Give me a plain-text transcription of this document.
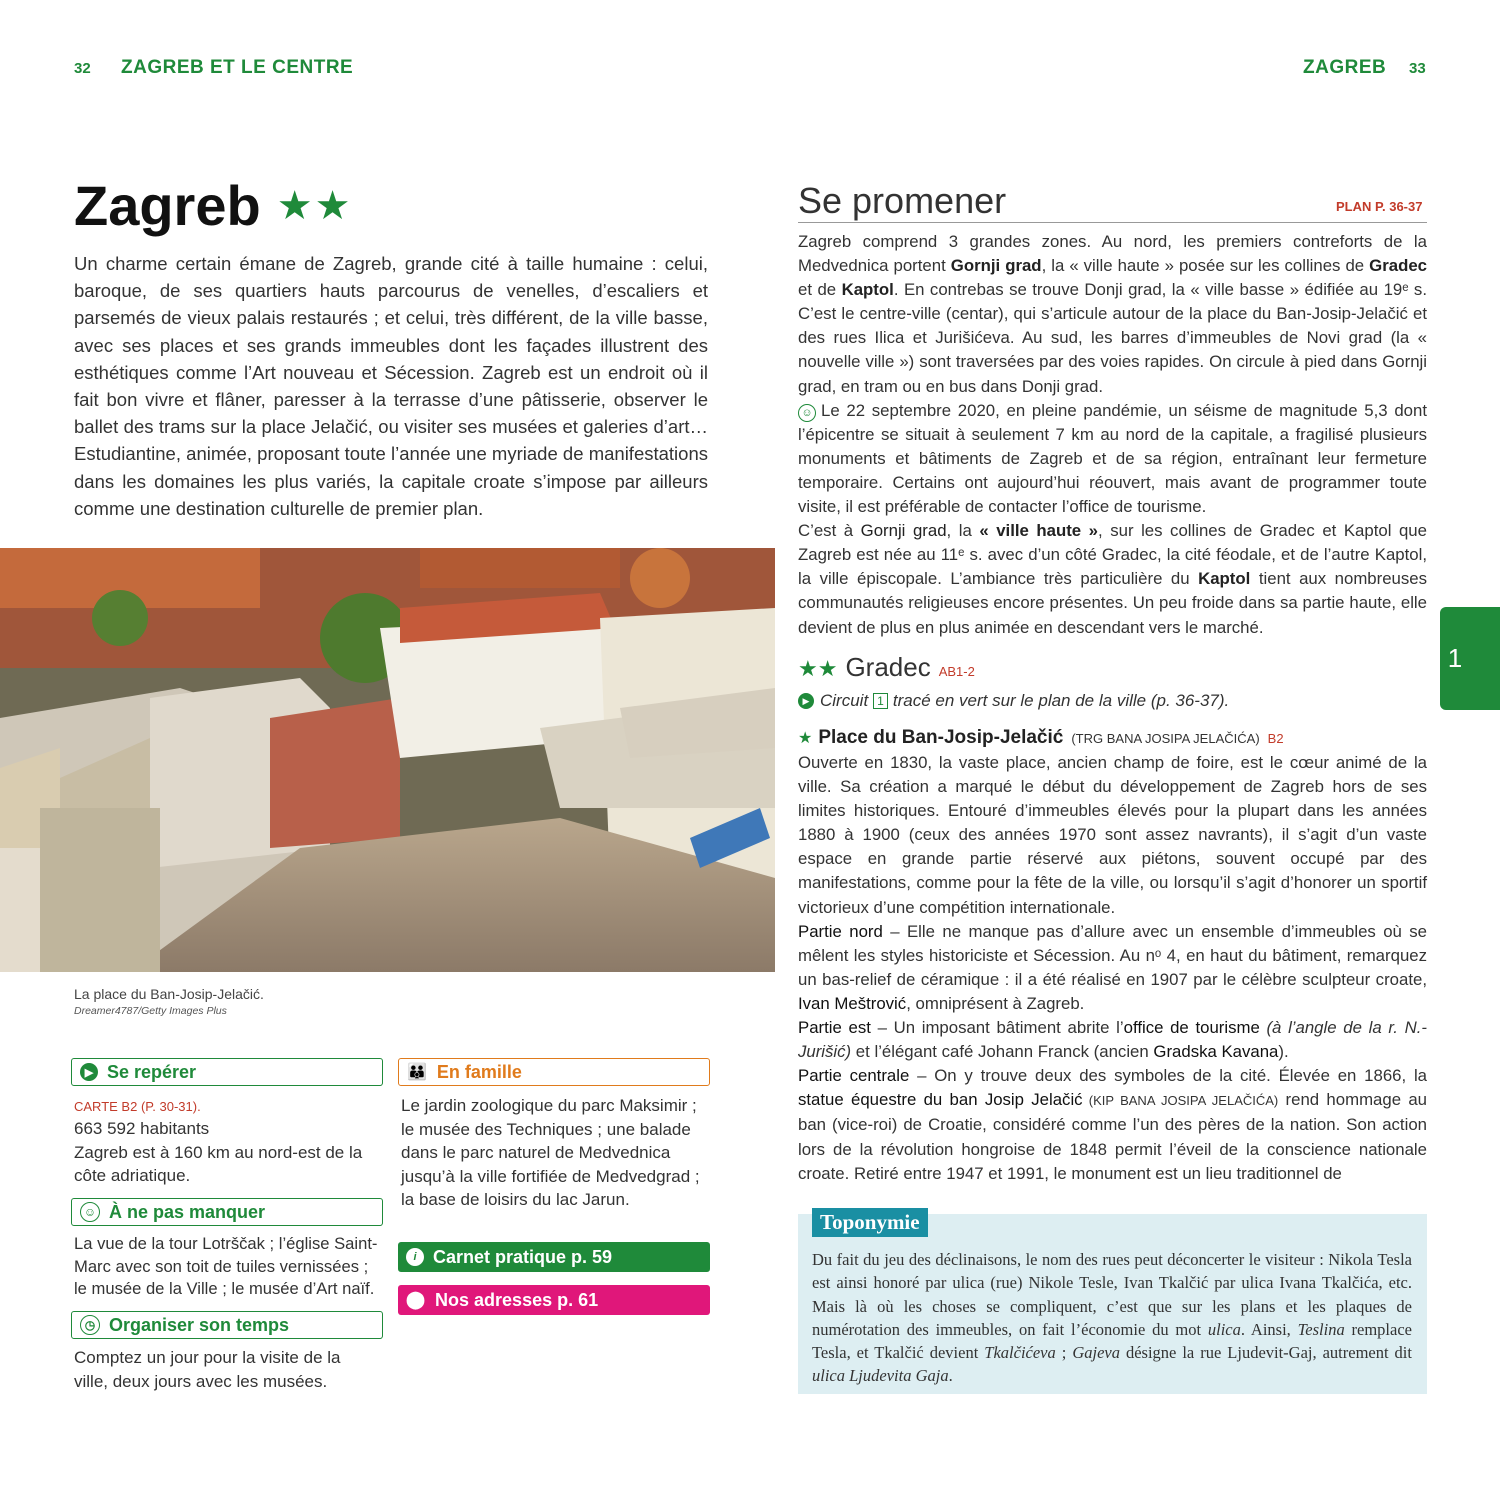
32 ZAGREB ET LE CENTRE
Zagreb ★★
Un charme certain émane de Zagreb, grande cité à taille humaine : celui, baroque, de ses quartiers hauts parcourus de venelles, d’escaliers et parsemés de vieux palais restaurés ; et celui, très différent, de la ville basse, avec ses places et ses grands immeubles dont les façades illustrent des esthétiques comme l’Art nouveau et Sécession. Zagreb est un endroit où il fait bon vivre et flâner, paresser à la terrasse d’une pâtisserie, observer le ballet des trams sur la place Jelačić, ou visiter ses musées et galeries d’art… Estudiantine, animée, proposant toute l’année une myriade de manifestations dans les domaines les plus variés, la capitale croate s’impose par ailleurs comme une destination culturelle de premier plan.
La place du Ban-Josip-Jelačić.
Dreamer4787/Getty Images Plus
▶ Se repérer
CARTE B2 (P. 30-31).
663 592 habitants
Zagreb est à 160 km au nord-est de la côte adriatique.
☺ À ne pas manquer
La vue de la tour Lotrščak ; l’église Saint-Marc avec son toit de tuiles vernissées ; le musée de la Ville ; le musée d’Art naïf.
◷ Organiser son temps
Comptez un jour pour la visite de la ville, deux jours avec les musées.
👪 En famille
Le jardin zoologique du parc Maksimir ; le musée des Techniques ; une balade dans le parc naturel de Medvednica jusqu’à la ville fortifiée de Medvedgrad ; la base de loisirs du lac Jarun.
i Carnet pratique p. 59
⬤ Nos adresses p. 61
ZAGREB 33
Se promener	PLAN P. 36-37

Zagreb comprend 3 grandes zones. Au nord, les premiers contreforts de la Medvednica portent Gornji grad, la « ville haute » posée sur les collines de Gradec et de Kaptol. En contrebas se trouve Donji grad, la « ville basse » édifiée au 19ᵉ s. C’est le centre-ville (centar), qui s’articule autour de la place du Ban-Josip-Jelačić et des rues Ilica et Jurišićeva. Au sud, les barres d’immeubles de Novi grad (la « nouvelle ville ») sont traversées par des voies rapides. On circule à pied dans Gornji grad, en tram ou en bus dans Donji grad.

☺ Le 22 septembre 2020, en pleine pandémie, un séisme de magnitude 5,3 dont l’épicentre se situait à seulement 7 km au nord de la capitale, a fragilisé plusieurs monuments et bâtiments de Zagreb et de sa région, entraînant leur fermeture temporaire. Certains ont aujourd’hui réouvert, mais avant de programmer toute visite, il est préférable de contacter l’office de tourisme.

C’est à Gornji grad, la « ville haute », sur les collines de Gradec et Kaptol que Zagreb est née au 11ᵉ s. avec d’un côté Gradec, la cité féodale, et de l’autre Kaptol, la ville épiscopale. L’ambiance très particulière du Kaptol tient aux nombreuses communautés religieuses encore présentes. Un peu froide dans sa partie haute, elle devient de plus en plus animée en descendant vers le marché.

★★ Gradec AB1-2
▶ Circuit 1 tracé en vert sur le plan de la ville (p. 36-37).
★ Place du Ban-Josip-Jelačić (TRG BANA JOSIPA JELAČIĆA) B2

Ouverte en 1830, la vaste place, ancien champ de foire, est le cœur animé de la ville. Sa création a marqué le début du développement de Zagreb hors de ses limites historiques. Entouré d’immeubles élevés pour la plupart dans les années 1880 à 1900 (ceux des années 1970 sont assez navrants), il s’agit d’un vaste espace en grande partie réservé aux piétons, souvent occupé par des manifestations, comme pour la fête de la ville, ou lorsqu’il s’agit d’honorer un sportif victorieux d’une compétition internationale.

Partie nord – Elle ne manque pas d’allure avec un ensemble d’immeubles où se mêlent les styles historiciste et Sécession. Au nᵒ 4, en haut du bâtiment, remarquez un bas-relief de céramique : il a été réalisé en 1907 par le célèbre sculpteur croate, Ivan Meštrović, omniprésent à Zagreb.

Partie est – Un imposant bâtiment abrite l’office de tourisme (à l’angle de la r. N.-Jurišić) et l’élégant café Johann Franck (ancien Gradska Kavana).

Partie centrale – On y trouve deux des symboles de la cité. Élevée en 1866, la statue équestre du ban Josip Jelačić (KIP BANA JOSIPA JELAČIĆA) rend hommage au ban (vice-roi) de Croatie, considéré comme l’un des pères de la nation. Son action lors de la révolution hongroise de 1848 permit l’éveil de la conscience nationale croate. Retiré entre 1947 et 1991, le monument est un lieu traditionnel de

Toponymie
Du fait du jeu des déclinaisons, le nom des rues peut déconcerter le visiteur : Nikola Tesla est ainsi honoré par ulica (rue) Nikole Tesle, Ivan Tkalčić par ulica Ivana Tkalčića, etc. Mais là où les choses se compliquent, c’est que sur les plans et les plaques de numérotation des immeubles, on fait l’économie du mot ulica. Ainsi, Teslina remplace Tesla, et Tkalčić devient Tkalčićeva ; Gajeva désigne la rue Ljudevit-Gaj, autrement dit ulica Ljudevita Gaja.
1
